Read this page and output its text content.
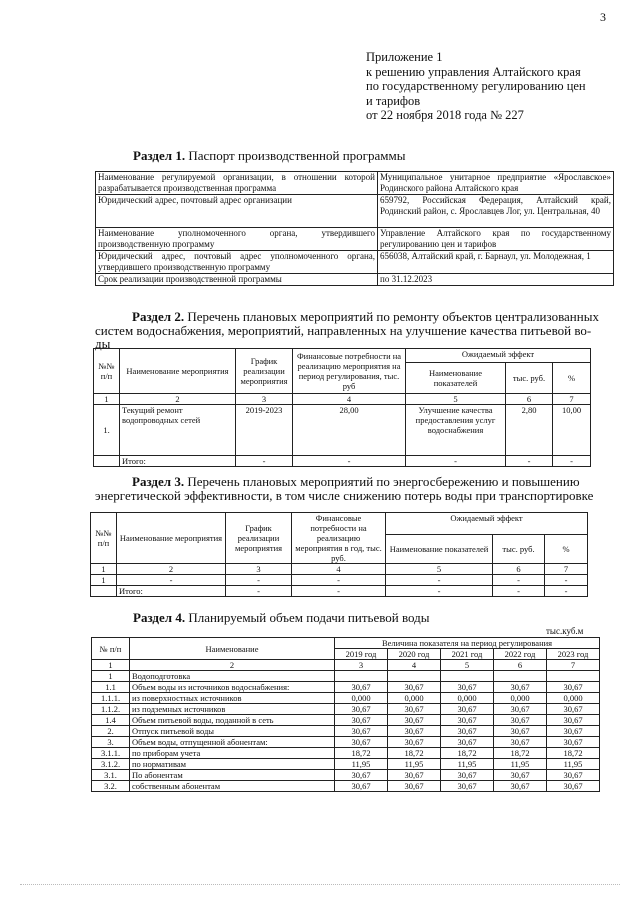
3
Приложение 1
к решению управления Алтайского края
по государственному регулированию цен
и тарифов
от 22 ноября 2018 года № 227
Раздел 1. Паспорт производственной программы
Наименование регулируемой организации, в отношении которой разрабатывается производственная программа	Муниципальное унитарное предприятие «Ярославское» Родинского района Алтайского края
Юридический адрес, почтовый адрес организации	659792, Российская Федерация, Алтайский край, Родинский район, с. Ярославцев Лог, ул. Центральная, 40
Наименование уполномоченного органа, утвердившего производственную программу	Управление Алтайского края по государственному регулированию цен и тарифов
Юридический адрес, почтовый адрес уполномоченного органа, утвердившего производственную программу	656038, Алтайский край, г. Барнаул, ул. Молодежная, 1
Срок реализации производственной программы	по 31.12.2023
Раздел 2. Перечень плановых мероприятий по ремонту объектов централизованных
систем водоснабжения, мероприятий, направленных на улучшение качества питьевой во-
ды
№№ п/п	Наименование мероприятия	График реализации мероприятия	Финансовые потребности на реализацию мероприятия на период регулирования, тыс. руб	Ожидаемый эффект		
				Наименование показателей	тыс. руб.	%
1	2	3	4	5	6	7
1.	Текущий ремонт водопроводных сетей	2019-2023	28,00	Улучшение качества предоставления услуг водоснабжения	2,80	10,00
	Итого:	-	-	-	-	-
Раздел 3. Перечень плановых мероприятий по энергосбережению и повышению
энергетической эффективности, в том числе снижению потерь воды при транспортировке
№№ п/п	Наименование мероприятия	График реализации мероприятия	Финансовые потребности на реализацию мероприятия в год, тыс. руб.	Ожидаемый эффект		
				Наименование показателей	тыс. руб.	%
1	2	3	4	5	6	7
1	-	-	-	-	-	-
	Итого:	-	-	-	-	-
Раздел 4. Планируемый объем подачи питьевой воды
тыс.куб.м
№ п/п	Наименование	Величина показателя на период регулирования				
		2019 год	2020 год	2021 год	2022 год	2023 год
1	2	3	4	5	6	7
1	Водоподготовка					
1.1	Объем воды из источников водоснабжения:	30,67	30,67	30,67	30,67	30,67
1.1.1.	из поверхностных источников	0,000	0,000	0,000	0,000	0,000
1.1.2.	из подземных источников	30,67	30,67	30,67	30,67	30,67
1.4	Объем питьевой воды, поданной в сеть	30,67	30,67	30,67	30,67	30,67
2.	Отпуск питьевой воды	30,67	30,67	30,67	30,67	30,67
3.	Объем воды, отпущенной абонентам:	30,67	30,67	30,67	30,67	30,67
3.1.1.	по приборам учета	18,72	18,72	18,72	18,72	18,72
3.1.2.	по нормативам	11,95	11,95	11,95	11,95	11,95
3.1.	По абонентам	30,67	30,67	30,67	30,67	30,67
3.2.	собственным абонентам	30,67	30,67	30,67	30,67	30,67
